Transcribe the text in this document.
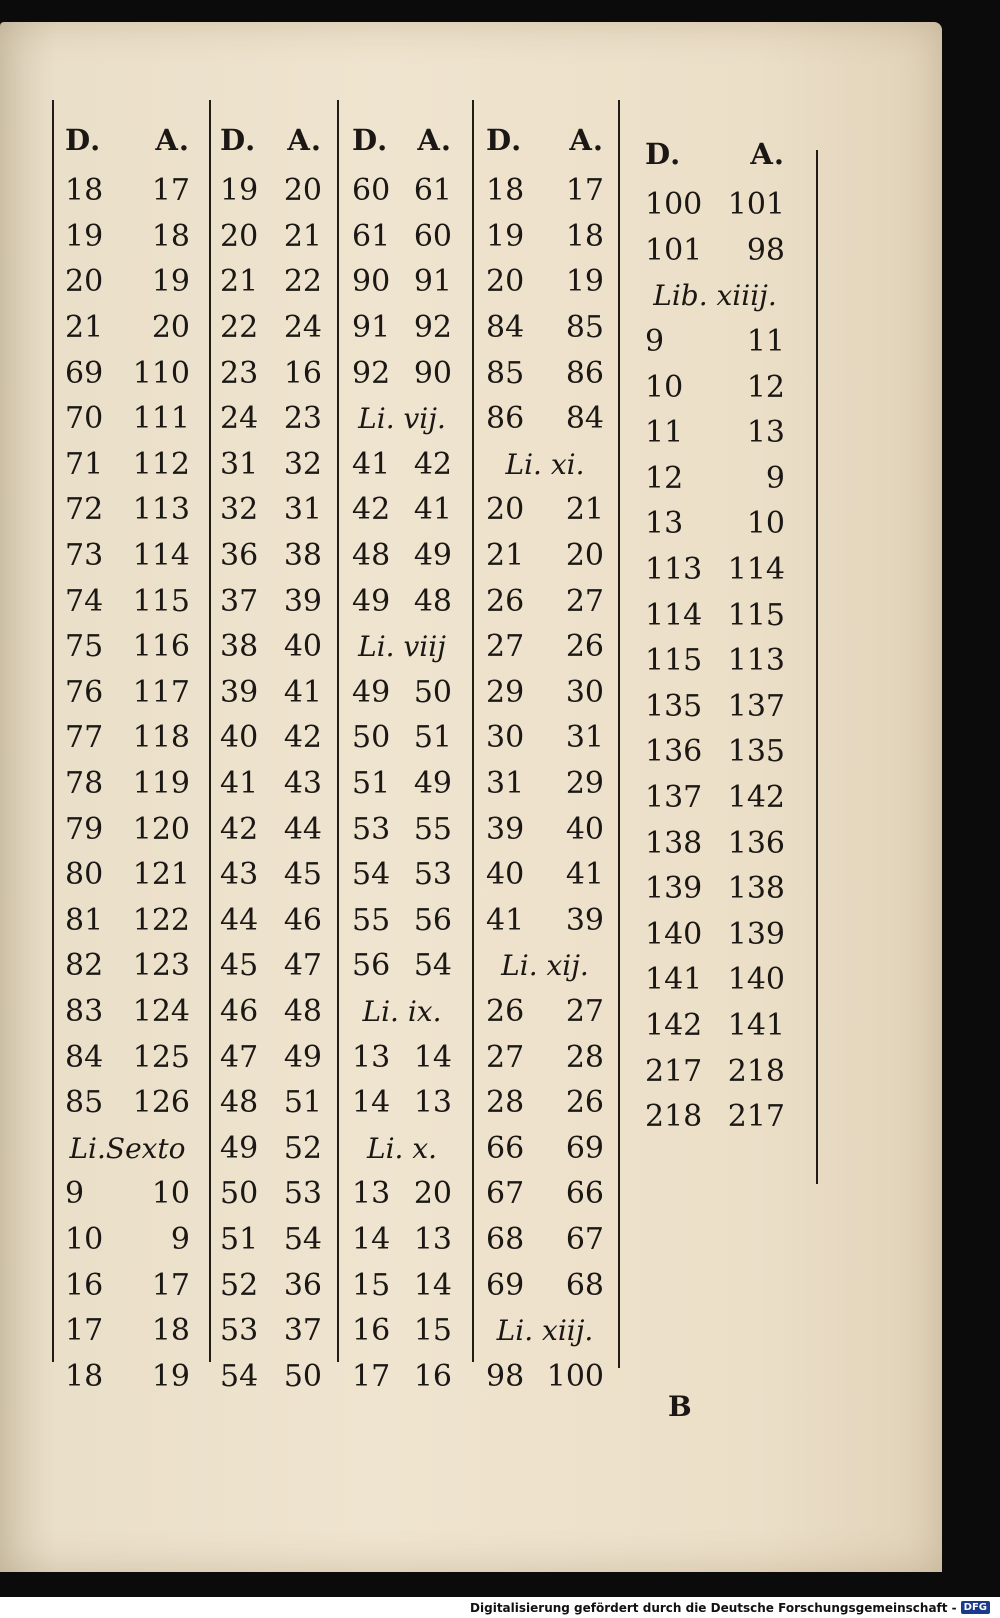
D. A.
18 17
19 18
20 19
21 20
69 110
70 111
71 112
72 113
73 114
74 115
75 116
76 117
77 118
78 119
79 120
80 121
81 122
82 123
83 124
84 125
85 126
Li.Sexto
9 10
10 9
16 17
17 18
18 19
D. A.
19 20
20 21
21 22
22 24
23 16
24 23
31 32
32 31
36 38
37 39
38 40
39 41
40 42
41 43
42 44
43 45
44 46
45 47
46 48
47 49
48 51
49 52
50 53
51 54
52 36
53 37
54 50
D. A.
60 61
61 60
90 91
91 92
92 90
Li. vij.
41 42
42 41
48 49
49 48
Li. viij
49 50
50 51
51 49
53 55
54 53
55 56
56 54
Li. ix.
13 14
14 13
Li. x.
13 20
14 13
15 14
16 15
17 16
D. A.
18 17
19 18
20 19
84 85
85 86
86 84
Li. xi.
20 21
21 20
26 27
27 26
29 30
30 31
31 29
39 40
40 41
41 39
Li. xij.
26 27
27 28
28 26
66 69
67 66
68 67
69 68
Li. xiij.
98 100
D. A.
100 101
101 98
Lib. xiiij.
9	11
10 12
11 13
12	9
13 10
113 114
114 115
115 113
135 137
136 135
137 142
138 136
139 138
140 139
141 140
142 141
217 218
218 217
B
Digitalisierung gefördert durch die Deutsche Forschungsgemeinschaft - DFG
